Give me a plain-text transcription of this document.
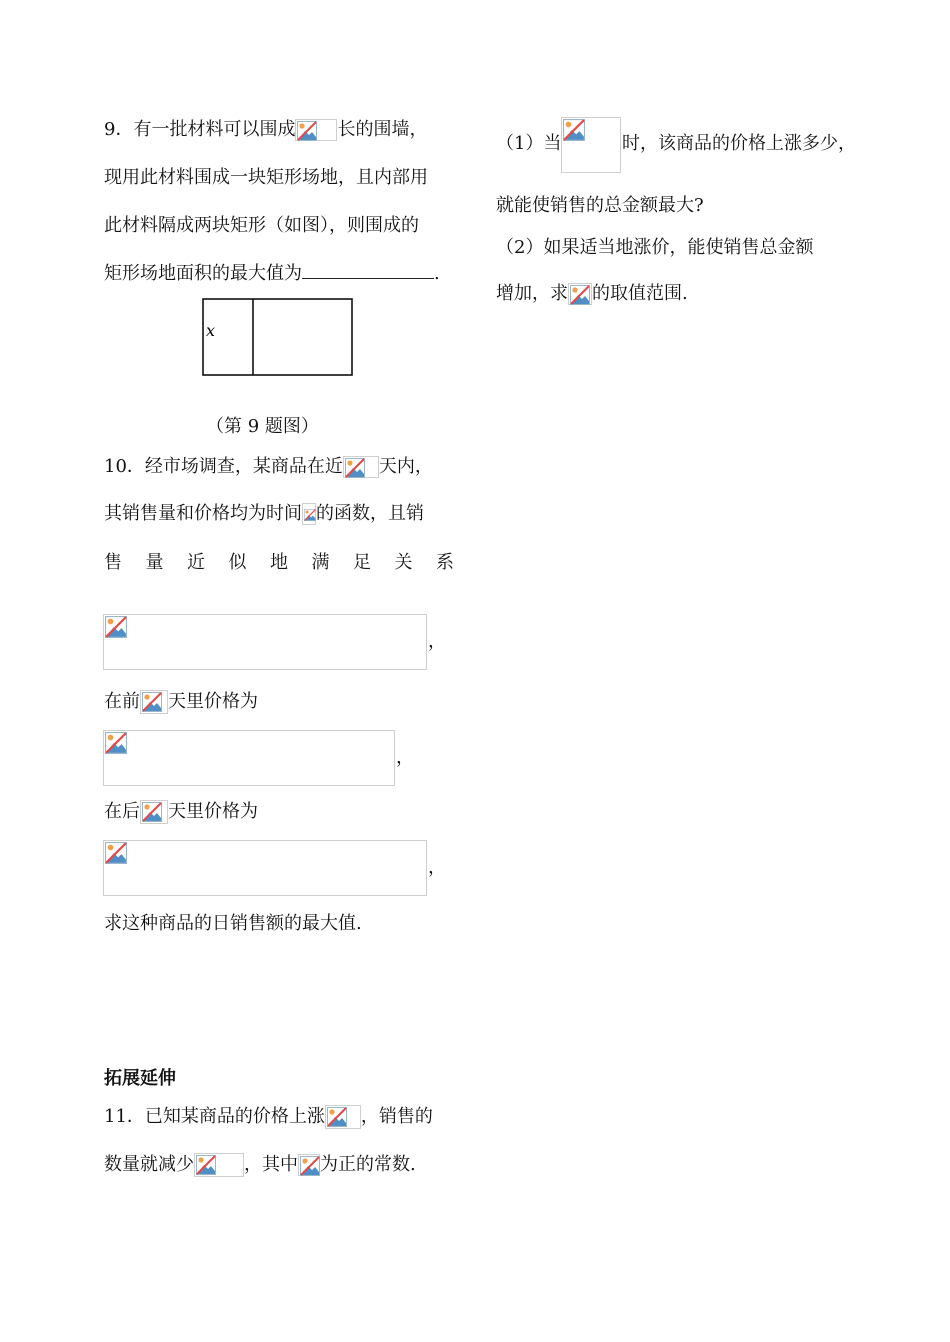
9．有一批材料可以围成 长的围墙，
现用此材料围成一块矩形场地，且内部用
此材料隔成两块矩形（如图），则围成的
矩形场地面积的最大值为	.
x
（第 9 题图）
10．经市场调查，某商品在近 天内，
其销售量和价格均为时间 的函数，且销
售 量 近 似 地 满 足 关 系
，
在前 天里价格为
，
在后 天里价格为
，
求这种商品的日销售额的最大值.
拓展延伸
11．已知某商品的价格上涨 ，销售的
数量就减少	，其中 为正的常数.
（1）当	时，该商品的价格上涨多少，
就能使销售的总金额最大?
（2）如果适当地涨价，能使销售总金额
增加，求 的取值范围.
